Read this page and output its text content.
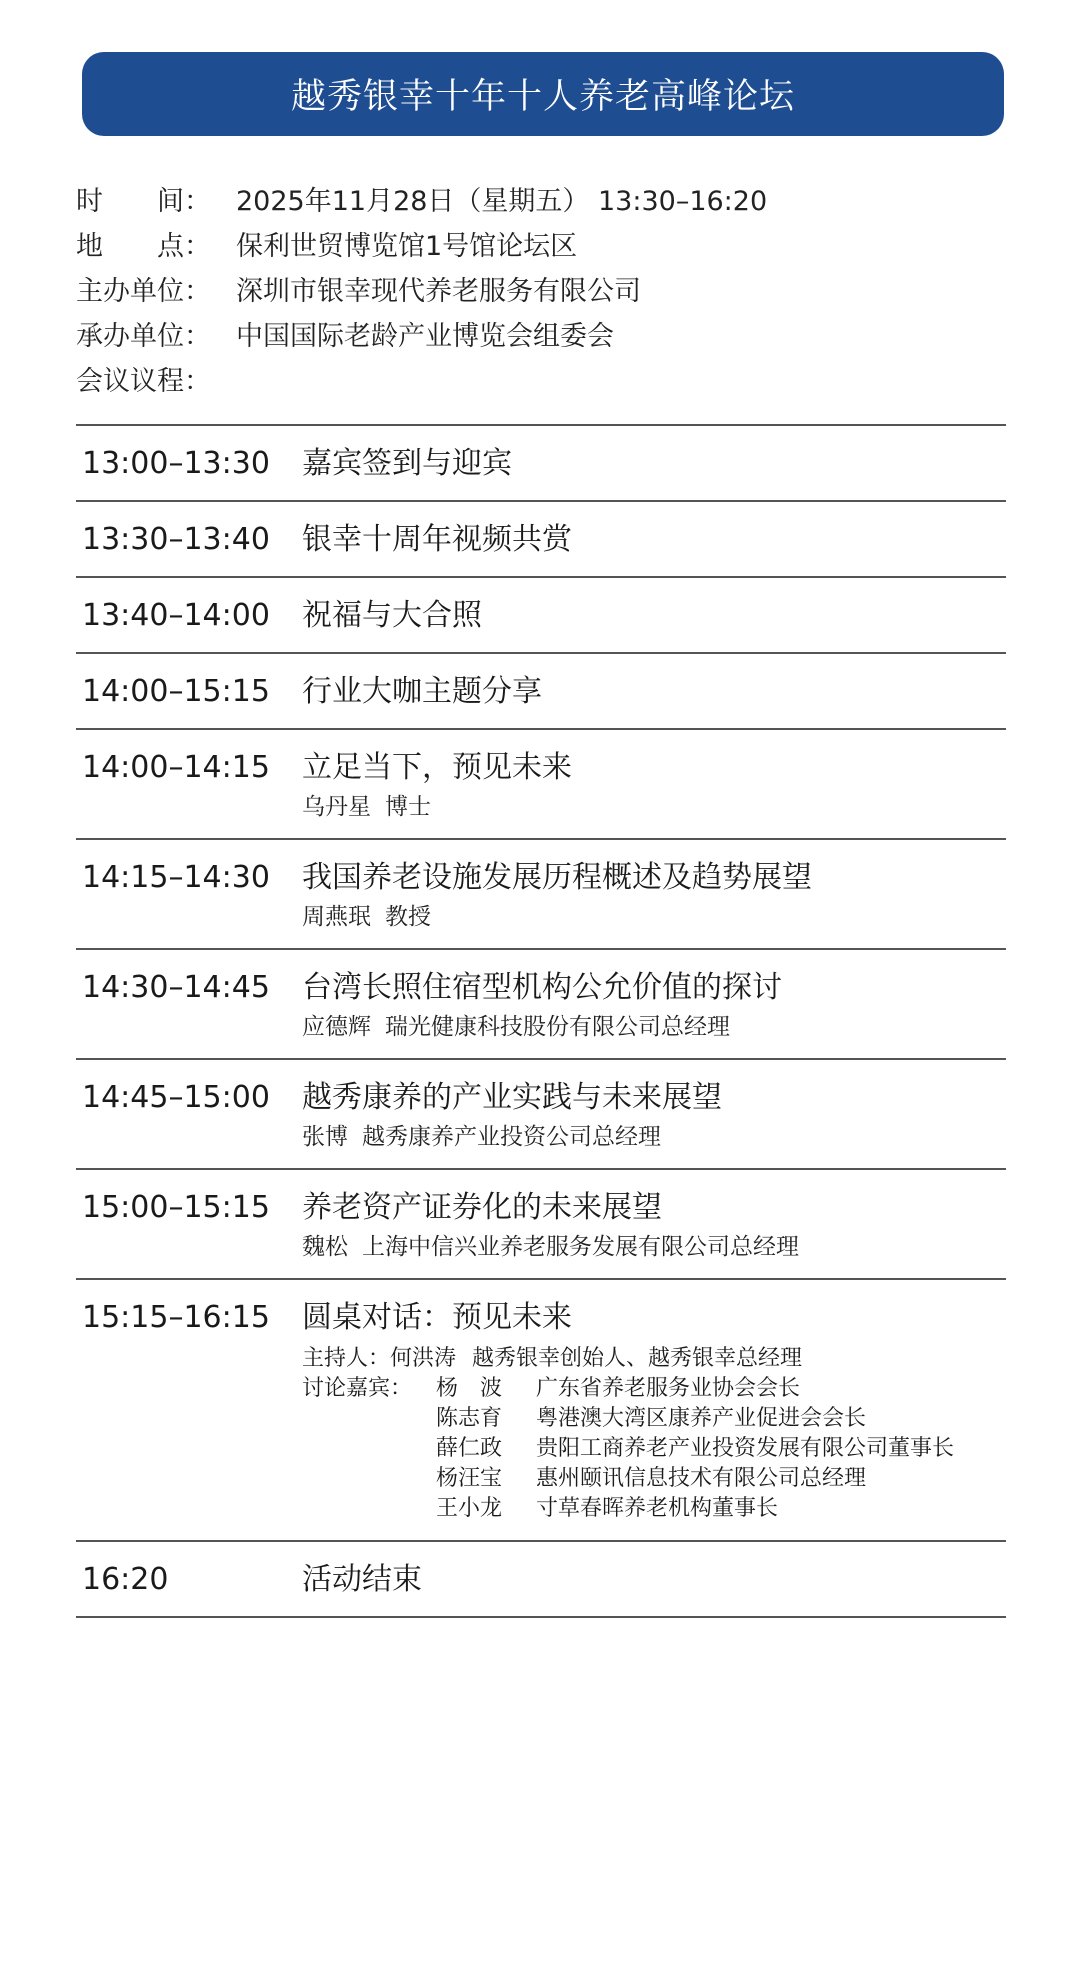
越秀银幸十年十人养老高峰论坛
时　　间： 2025年11月28日（星期五） 13:30–16:20
地　　点： 保利世贸博览馆1号馆论坛区
主办单位： 深圳市银幸现代养老服务有限公司
承办单位： 中国国际老龄产业博览会组委会
会议议程：
13:00–13:30	嘉宾签到与迎宾
13:30–13:40	银幸十周年视频共赏
13:40–14:00	祝福与大合照
14:00–15:15	行业大咖主题分享
14:00–14:15	立足当下，预见未来
乌丹星 博士
14:15–14:30	我国养老设施发展历程概述及趋势展望
周燕珉 教授
14:30–14:45	台湾长照住宿型机构公允价值的探讨
应德辉 瑞光健康科技股份有限公司总经理
14:45–15:00	越秀康养的产业实践与未来展望
张博 越秀康养产业投资公司总经理
15:00–15:15	养老资产证券化的未来展望
魏松 上海中信兴业养老服务发展有限公司总经理
15:15–16:15	圆桌对话：预见未来
主持人： 何洪涛 越秀银幸创始人、越秀银幸总经理
讨论嘉宾：	杨　波	广东省养老服务业协会会长
陈志育	粤港澳大湾区康养产业促进会会长
薛仁政	贵阳工商养老产业投资发展有限公司董事长
杨汪宝	惠州颐讯信息技术有限公司总经理
王小龙	寸草春晖养老机构董事长
16:20	活动结束
